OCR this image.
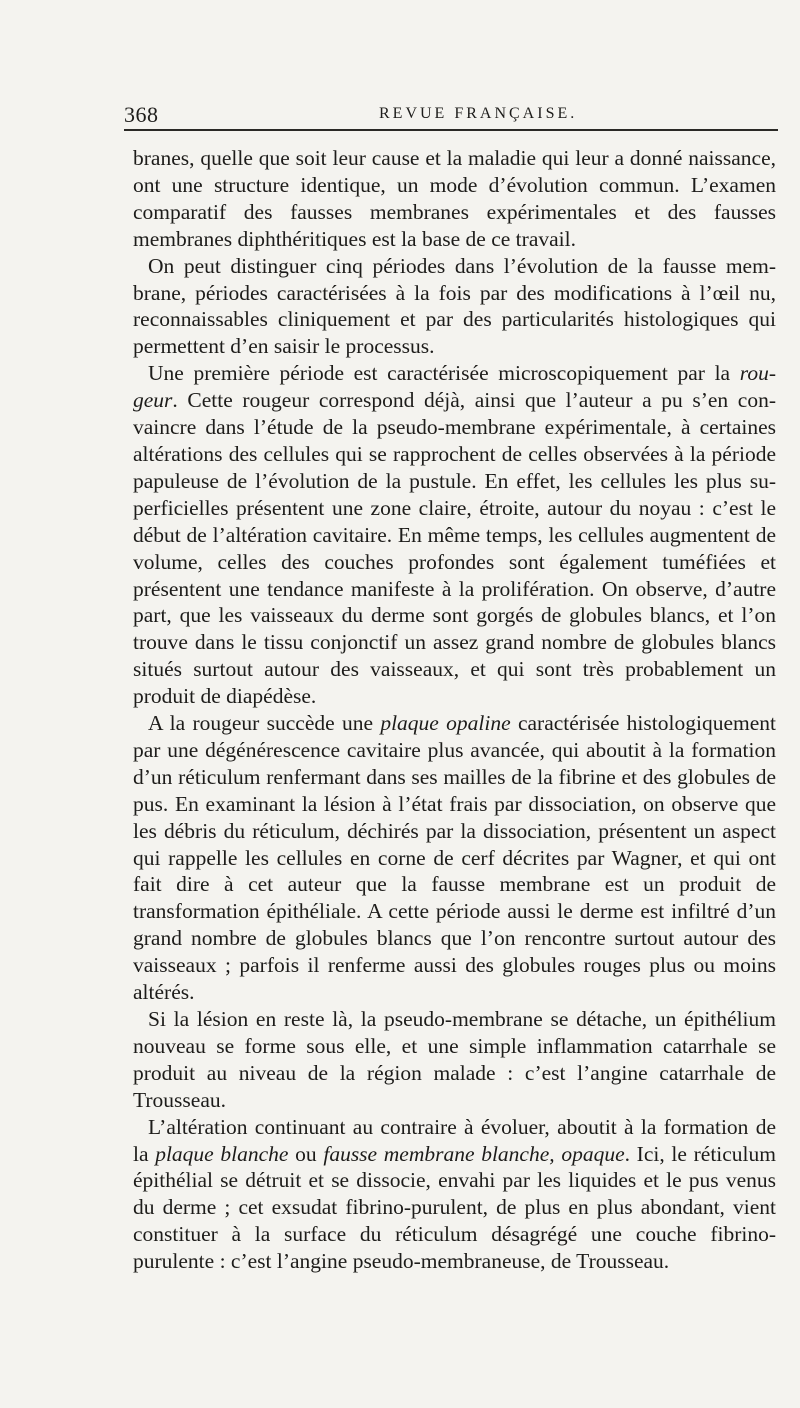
368	REVUE FRANÇAISE.

branes, quelle que soit leur cause et la maladie qui leur a donné naissance, ont une structure identique, un mode d’évolution commun. L’examen comparatif des fausses membranes expérimentales et des fausses membranes diphthéritiques est la base de ce travail.

On peut distinguer cinq périodes dans l’évolution de la fausse membrane, périodes caractérisées à la fois par des modifications à l’œil nu, reconnaissables cliniquement et par des particularités histologiques qui permettent d’en saisir le processus.

Une première période est caractérisée microscopiquement par la rougeur. Cette rougeur correspond déjà, ainsi que l’auteur a pu s’en convaincre dans l’étude de la pseudo-membrane expérimentale, à certaines altérations des cellules qui se rapprochent de celles observées à la période papuleuse de l’évolution de la pustule. En effet, les cellules les plus superficielles présentent une zone claire, étroite, autour du noyau : c’est le début de l’altération cavitaire. En même temps, les cellules augmentent de volume, celles des couches profondes sont également tuméfiées et présentent une tendance manifeste à la prolifération. On observe, d’autre part, que les vaisseaux du derme sont gorgés de globules blancs, et l’on trouve dans le tissu conjonctif un assez grand nombre de globules blancs situés surtout autour des vaisseaux, et qui sont très probablement un produit de diapédèse.

A la rougeur succède une plaque opaline caractérisée histologiquement par une dégénérescence cavitaire plus avancée, qui aboutit à la formation d’un réticulum renfermant dans ses mailles de la fibrine et des globules de pus. En examinant la lésion à l’état frais par dissociation, on observe que les débris du réticulum, déchirés par la dissociation, présentent un aspect qui rappelle les cellules en corne de cerf décrites par Wagner, et qui ont fait dire à cet auteur que la fausse membrane est un produit de transformation épithéliale. A cette période aussi le derme est infiltré d’un grand nombre de globules blancs que l’on rencontre surtout autour des vaisseaux ; parfois il renferme aussi des globules rouges plus ou moins altérés.

Si la lésion en reste là, la pseudo-membrane se détache, un épithélium nouveau se forme sous elle, et une simple inflammation catarrhale se produit au niveau de la région malade : c’est l’angine catarrhale de Trousseau.

L’altération continuant au contraire à évoluer, aboutit à la formation de la plaque blanche ou fausse membrane blanche, opaque. Ici, le réticulum épithélial se détruit et se dissocie, envahi par les liquides et le pus venus du derme ; cet exsudat fibrino-purulent, de plus en plus abondant, vient constituer à la surface du réticulum désagrégé une couche fibrino-purulente : c’est l’angine pseudo-membraneuse, de Trousseau.
